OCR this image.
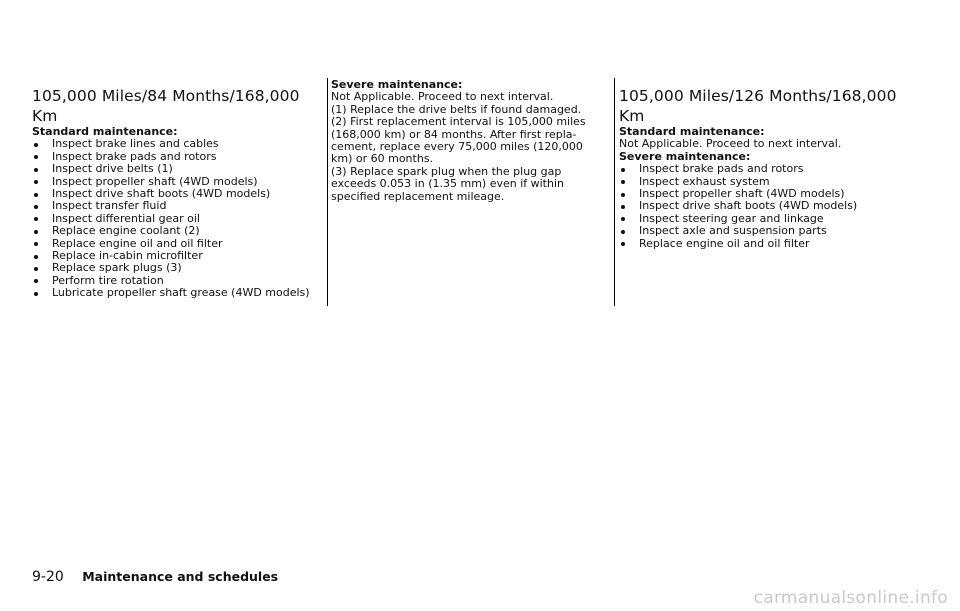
105,000 Miles/84 Months/168,000 Km

Standard maintenance:

Inspect brake lines and cables
Inspect brake pads and rotors
Inspect drive belts (1)
Inspect propeller shaft (4WD models)
Inspect drive shaft boots (4WD models)
Inspect transfer fluid
Inspect differential gear oil
Replace engine coolant (2)
Replace engine oil and oil filter
Replace in-cabin microfilter
Replace spark plugs (3)
Perform tire rotation
Lubricate propeller shaft grease (4WD models)

Severe maintenance:

Not Applicable. Proceed to next interval.

(1) Replace the drive belts if found damaged.

(2) First replacement interval is 105,000 miles (168,000 km) or 84 months. After first repla-cement, replace every 75,000 miles (120,000 km) or 60 months.

(3) Replace spark plug when the plug gap exceeds 0.053 in (1.35 mm) even if within specified replacement mileage.

105,000 Miles/126 Months/168,000 Km

Standard maintenance:

Not Applicable. Proceed to next interval.

Severe maintenance:

Inspect brake pads and rotors
Inspect exhaust system
Inspect propeller shaft (4WD models)
Inspect drive shaft boots (4WD models)
Inspect steering gear and linkage
Inspect axle and suspension parts
Replace engine oil and oil filter
9-20 Maintenance and schedules
carmanualsonline.info
